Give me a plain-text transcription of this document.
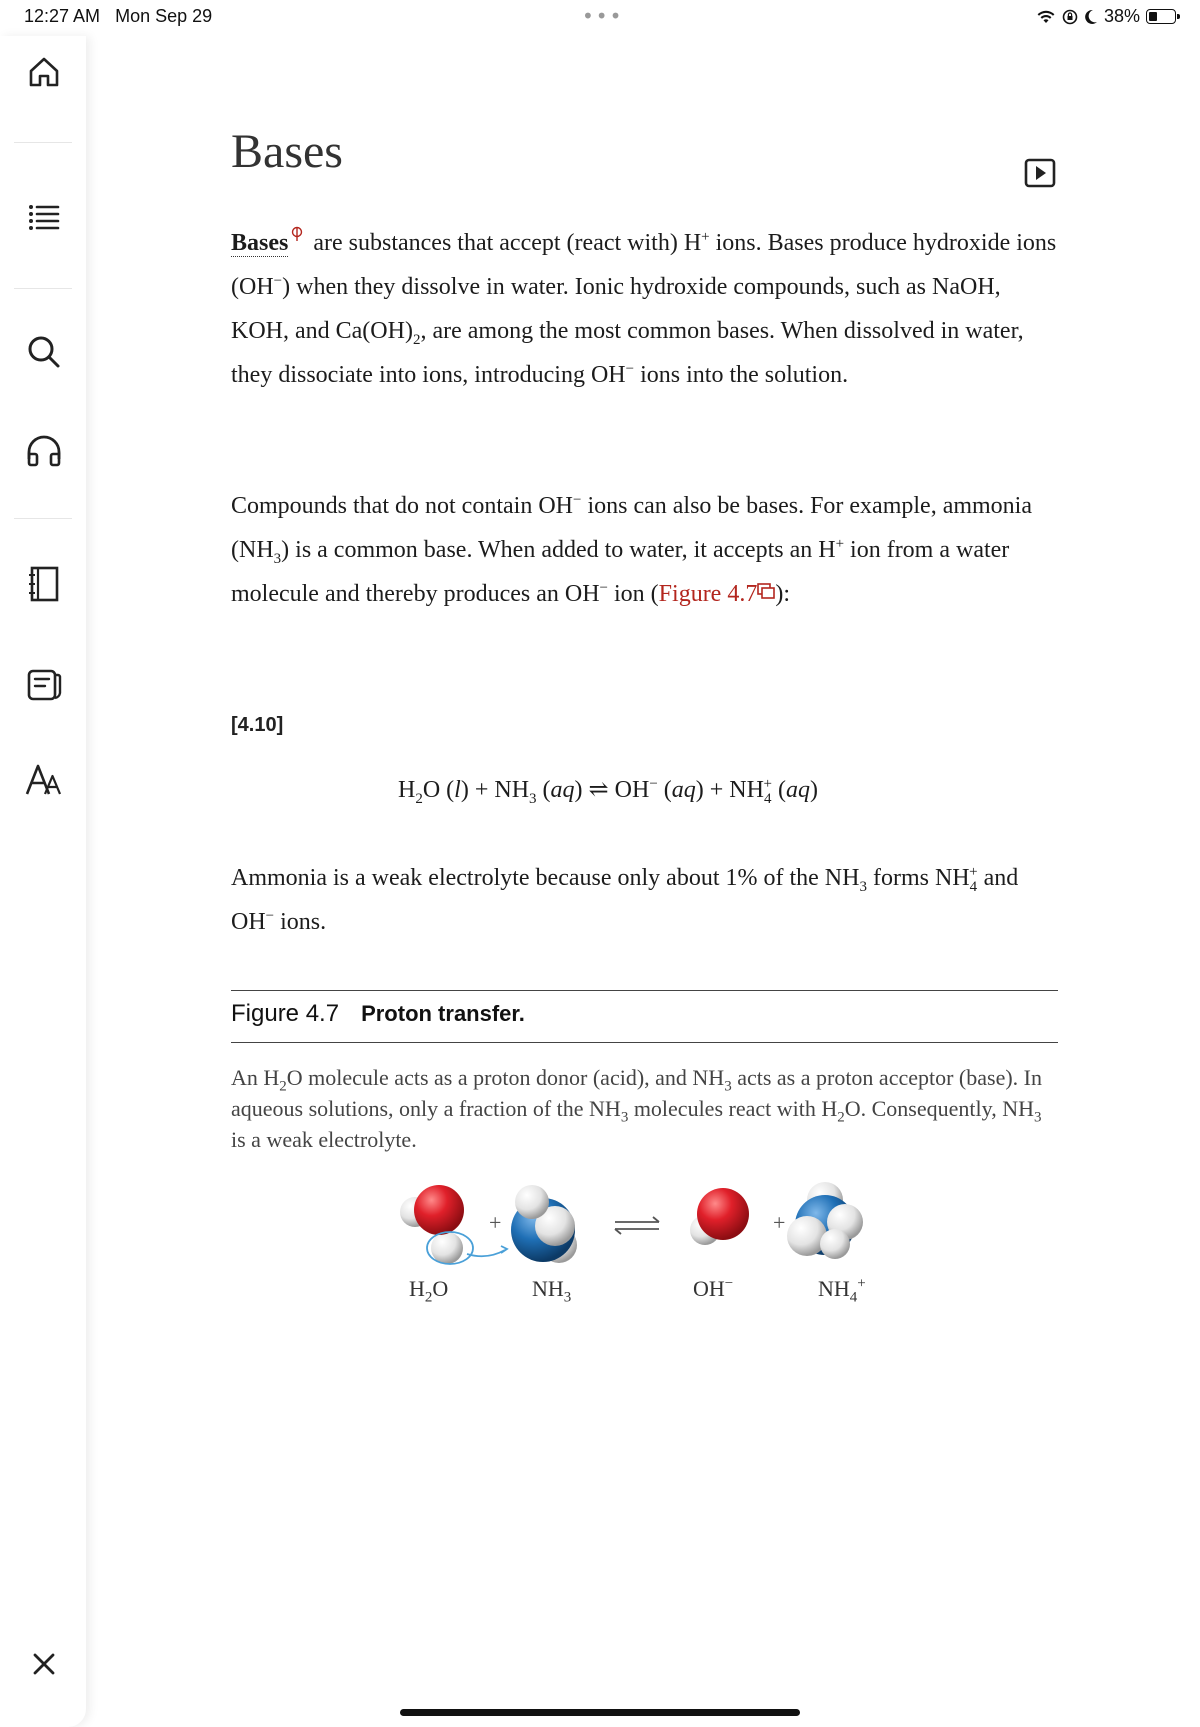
12:27 AM Mon Sep 29	•••	38%
Bases

Bases are substances that accept (react with) H+ ions. Bases produce hydroxide ions (OH−) when they dissolve in water. Ionic hydroxide compounds, such as NaOH, KOH, and $Ca(OH)_2$, are among the most common bases. When dissolved in water, they dissociate into ions, introducing OH− ions into the solution.

Compounds that do not contain OH− ions can also be bases. For example, ammonia $(NH_3)$ is a common base. When added to water, it accepts an H+ ion from a water molecule and thereby produces an OH− ion (Figure 4.7 ):

[4.10]
$H_2O$ $(l) + NH_3$ (aq) ⇌ OH− $(aq) + NH_4^+$ (aq)

Ammonia is a weak electrolyte because only about 1% of the $NH_3$ forms $NH_4^+$ and OH− ions.

Figure 4.7 Proton transfer.

An $H_2O$ molecule acts as a proton donor (acid), and $NH_3$ acts as a proton acceptor (base). In aqueous solutions, only a fraction of the $NH_3$ molecules react with $H_2O$. Consequently, $NH_3$ is a weak electrolyte.

+	+
$H_2O$	$NH_3$	OH−	$NH_4^+$
